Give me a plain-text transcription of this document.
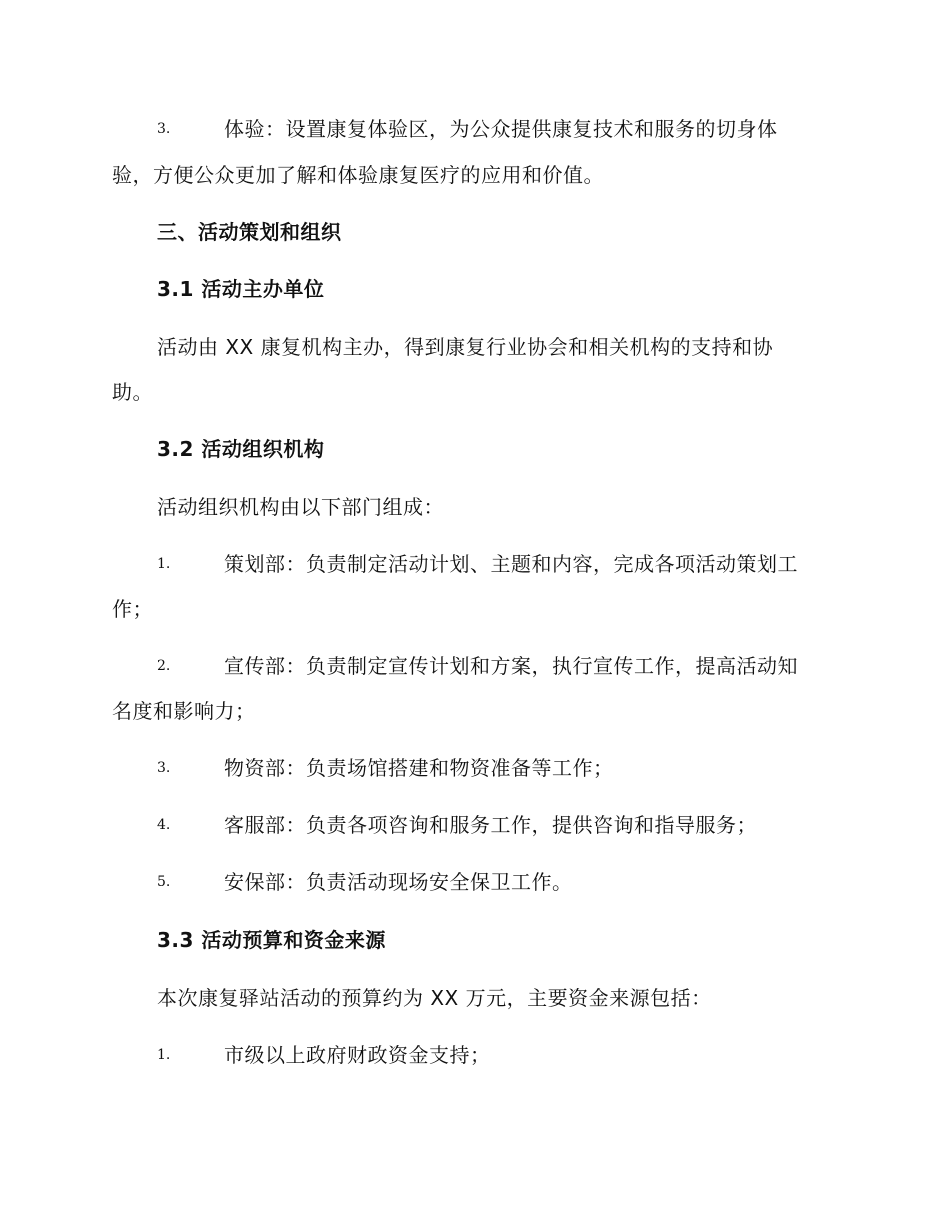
3.	体验：设置康复体验区，为公众提供康复技术和服务的切身体
验，方便公众更加了解和体验康复医疗的应用和价值。
三、活动策划和组织
3.1 活动主办单位
活动由 XX 康复机构主办，得到康复行业协会和相关机构的支持和协
助。
3.2 活动组织机构
活动组织机构由以下部门组成：
1.	策划部：负责制定活动计划、主题和内容，完成各项活动策划工
作；
2.	宣传部：负责制定宣传计划和方案，执行宣传工作，提高活动知
名度和影响力；
3.	物资部：负责场馆搭建和物资准备等工作；
4.	客服部：负责各项咨询和服务工作，提供咨询和指导服务；
5.	安保部：负责活动现场安全保卫工作。
3.3 活动预算和资金来源
本次康复驿站活动的预算约为 XX 万元，主要资金来源包括：
1.	市级以上政府财政资金支持；
